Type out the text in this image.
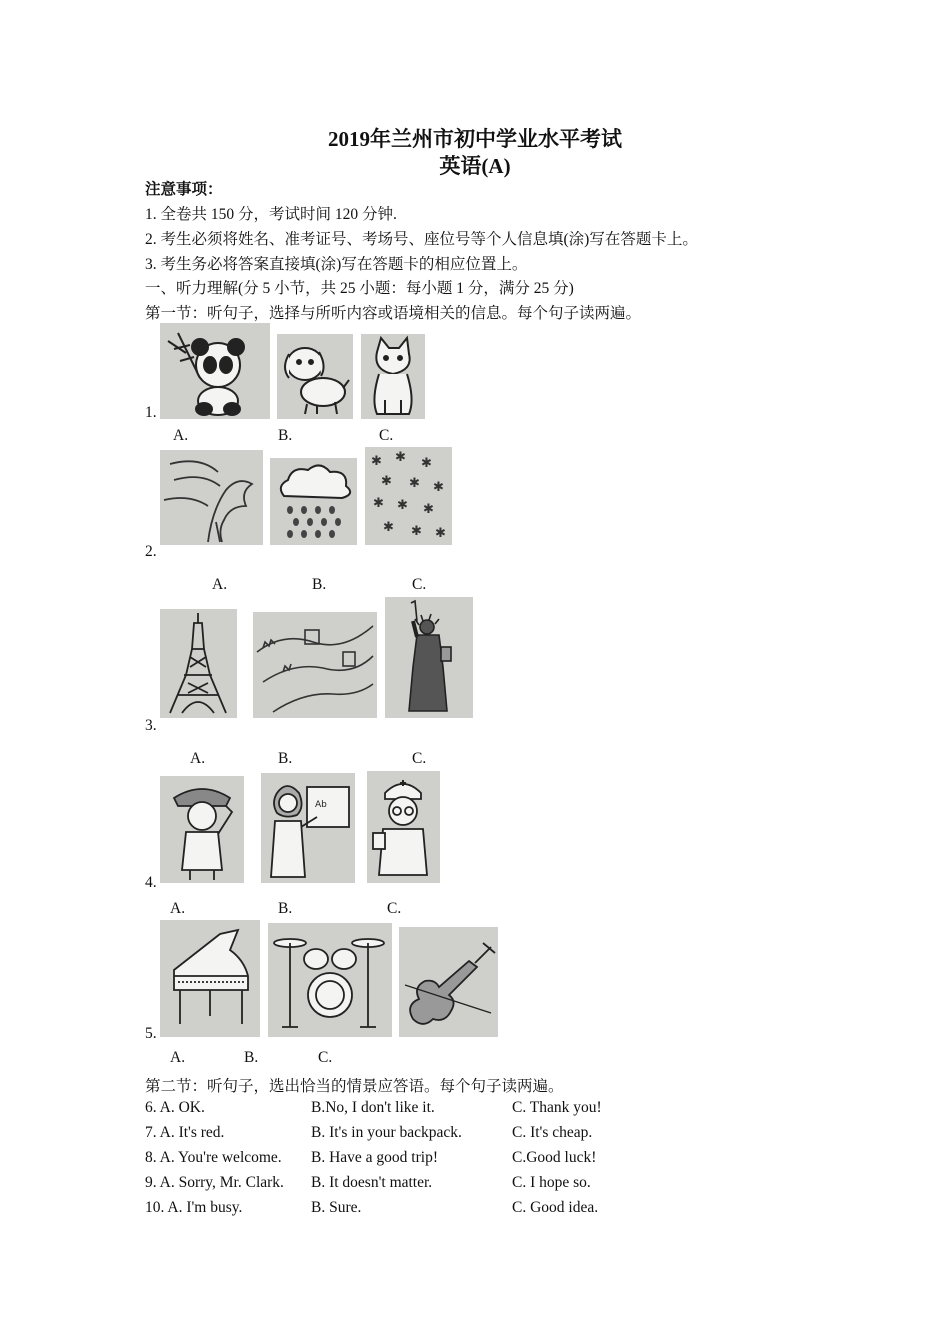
2019年兰州市初中学业水平考试
英语(A)
注意事项：
1. 全卷共 150 分，考试时间 120 分钟.
2. 考生必须将姓名、准考证号、考场号、座位号等个人信息填(涂)写在答题卡上。
3. 考生务必将答案直接填(涂)写在答题卡的相应位置上。
一、听力理解(分 5 小节，共 25 小题：每小题 1 分，满分 25 分)
第一节：听句子，选择与所听内容或语境相关的信息。每个句子读两遍。
1.
A.	B.	C.
2.
✱ ✱ ✱
✱ ✱ ✱
✱ ✱ ✱
✱ ✱ ✱
A.	B.	C.
3.
A.	B.	C.
4.
Ab
A.	B.	C.
5.
A.	B.	C.
第二节：听句子，选出恰当的情景应答语。每个句子读两遍。
6. A. OK.	B.No, I don't like it.	C. Thank you!
7. A. It's red.	B. It's in your backpack.	C. It's cheap.
8. A. You're welcome. B. Have a good trip!	C.Good luck!
9. A. Sorry, Mr. Clark. B. It doesn't matter.	C. I hope so.
10. A. I'm busy.	B. Sure.	C. Good idea.
